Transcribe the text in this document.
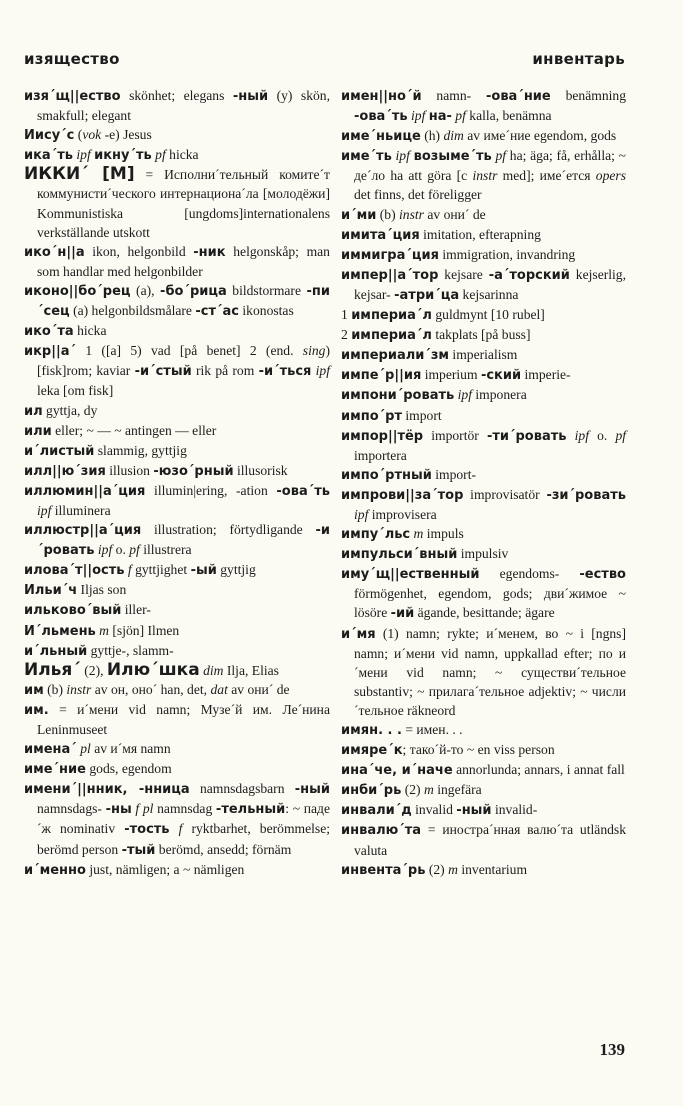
изящество	инвентарь
изя´щ||ество skönhet; elegans -ный (y) skön, smakfull; elegant
Иису´с (vok -е) Jesus
ика´ть ipf икну´ть pf hicka
ИККИ´ [М] = Исполни´тельный комите´т коммунисти´ческого интернациона´ла [молодёжи] Kommunistiska [ungdoms]internationalens verkställande utskott
ико´н||а ikon, helgonbild -ник helgonskåp; man som handlar med helgonbilder
иконо||бо´рец (a), -бо´рица bildstormare -пи´сец (a) helgonbildsmålare -ст´ас ikonostas
ико´та hicka
икр||а´ 1 ([a] 5) vad [på benet] 2 (end. sing) [fisk]rom; kaviar -и´стый rik på rom -и´ться ipf leka [om fisk]
ил gyttja, dy
или eller; ~ — ~ antingen — eller
и´листый slammig, gyttjig
илл||ю´зия illusion -юзо´рный illusorisk
иллюмин||а´ция illumin|ering, -ation -ова´ть ipf illuminera
иллюстр||а´ция illustration; förtydligande -и´ровать ipf o. pf illustrera
илова´т||ость f gyttjighet -ый gyttjig
Ильи´ч Iljas son
ильково´вый iller-
И´льмень m [sjön] Ilmen
и´льный gyttje-, slamm-
Илья´ (2), Илю´шка dim Ilja, Elias
им (b) instr av он, оно´ han, det, dat av они´ de
им. = и´мени vid namn; Музе´й им. Ле´нина Leninmuseet
имена´ pl av и´мя namn
име´ние gods, egendom
имени´||нник, -нница namnsdagsbarn -ный namnsdags- -ны f pl namnsdag -тельный: ~ паде´ж nominativ -тость f ryktbarhet, berömmelse; berömd person -тый berömd, ansedd; förnäm
и´менно just, nämligen; a ~ nämligen
имен||но´й namn- -ова´ние benämning -ова´ть ipf на- pf kalla, benämna
име´ньице (h) dim av име´ние egendom, gods
име´ть ipf возыме´ть pf ha; äga; få, erhålla; ~ де´ло ha att göra [c instr med]; име´ется opers det finns, det föreligger
и´ми (b) instr av они´ de
имита´ция imitation, efterapning
иммигра´ция immigration, invandring
импер||а´тор kejsare -а´торский kejserlig, kejsar- -атри´ца kejsarinna
1 империа´л guldmynt [10 rubel]
2 империа´л takplats [på buss]
империали´зм imperialism
импе´р||ия imperium -ский imperie-
импони´ровать ipf imponera
импо´рт import
импор||тёр importör -ти´ровать ipf o. pf importera
импо´ртный import-
импрови||за´тор improvisatör -зи´ровать ipf improvisera
импу´льс m impuls
импульси´вный impulsiv
иму´щ||ественный egendoms- -ество förmögenhet, egendom, gods; дви´жимое ~ lösöre -ий ägande, besittande; ägare
и´мя (1) namn; rykte; и´менем, во ~ i [ngns] namn; и´мени vid namn, uppkallad efter; по и´мени vid namn; ~ существи´тельное substantiv; ~ прилага´тельное adjektiv; ~ числи´тельное räkneord
имян. . . = имен. . .
имяре´к; тако´й-то ~ en viss person
ина´че, и´наче annorlunda; annars, i annat fall
инби´рь (2) m ingefära
инвали´д invalid -ный invalid-
инвалю´та = инострa´нная валю´та utländsk valuta
инвента´рь (2) m inventarium
139
